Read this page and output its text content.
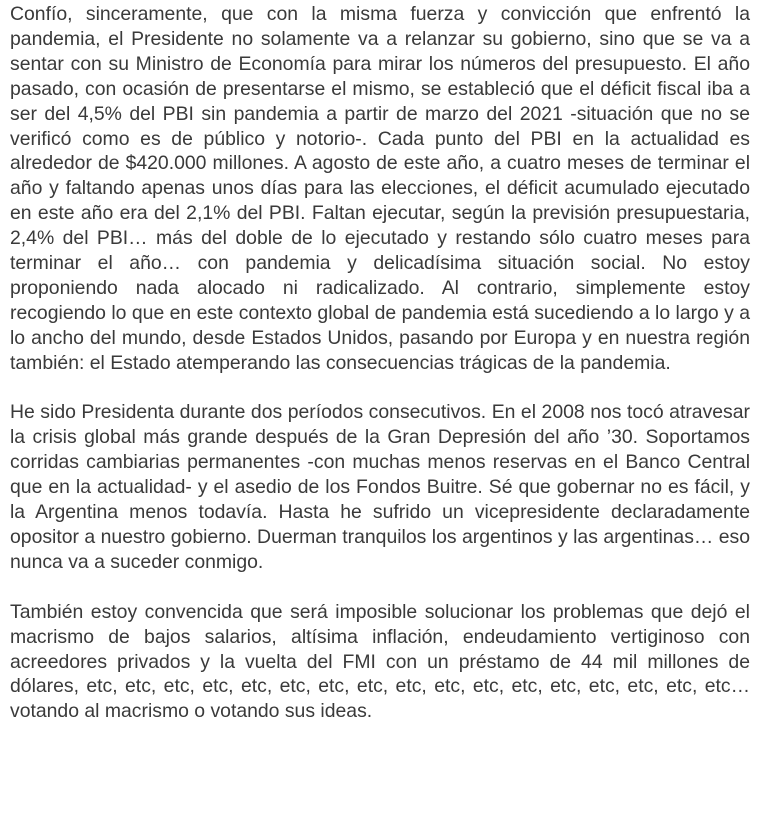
Confío, sinceramente, que con la misma fuerza y convicción que enfrentó la pandemia, el Presidente no solamente va a relanzar su gobierno, sino que se va a sentar con su Ministro de Economía para mirar los números del presupuesto. El año pasado, con ocasión de presentarse el mismo, se estableció que el déficit fiscal iba a ser del 4,5% del PBI sin pandemia a partir de marzo del 2021 -situación que no se verificó como es de público y notorio-. Cada punto del PBI en la actualidad es alrededor de $420.000 millones. A agosto de este año, a cuatro meses de terminar el año y faltando apenas unos días para las elecciones, el déficit acumulado ejecutado en este año era del 2,1% del PBI. Faltan ejecutar, según la previsión presupuestaria, 2,4% del PBI… más del doble de lo ejecutado y restando sólo cuatro meses para terminar el año… con pandemia y delicadísima situación social. No estoy proponiendo nada alocado ni radicalizado. Al contrario, simplemente estoy recogiendo lo que en este contexto global de pandemia está sucediendo a lo largo y a lo ancho del mundo, desde Estados Unidos, pasando por Europa y en nuestra región también: el Estado atemperando las consecuencias trágicas de la pandemia.

He sido Presidenta durante dos períodos consecutivos. En el 2008 nos tocó atravesar la crisis global más grande después de la Gran Depresión del año ’30. Soportamos corridas cambiarias permanentes -con muchas menos reservas en el Banco Central que en la actualidad- y el asedio de los Fondos Buitre. Sé que gobernar no es fácil, y la Argentina menos todavía. Hasta he sufrido un vicepresidente declaradamente opositor a nuestro gobierno. Duerman tranquilos los argentinos y las argentinas… eso nunca va a suceder conmigo.

También estoy convencida que será imposible solucionar los problemas que dejó el macrismo de bajos salarios, altísima inflación, endeudamiento vertiginoso con acreedores privados y la vuelta del FMI con un préstamo de 44 mil millones de dólares, etc, etc, etc, etc, etc, etc, etc, etc, etc, etc, etc, etc, etc, etc, etc, etc, etc… votando al macrismo o votando sus ideas.
